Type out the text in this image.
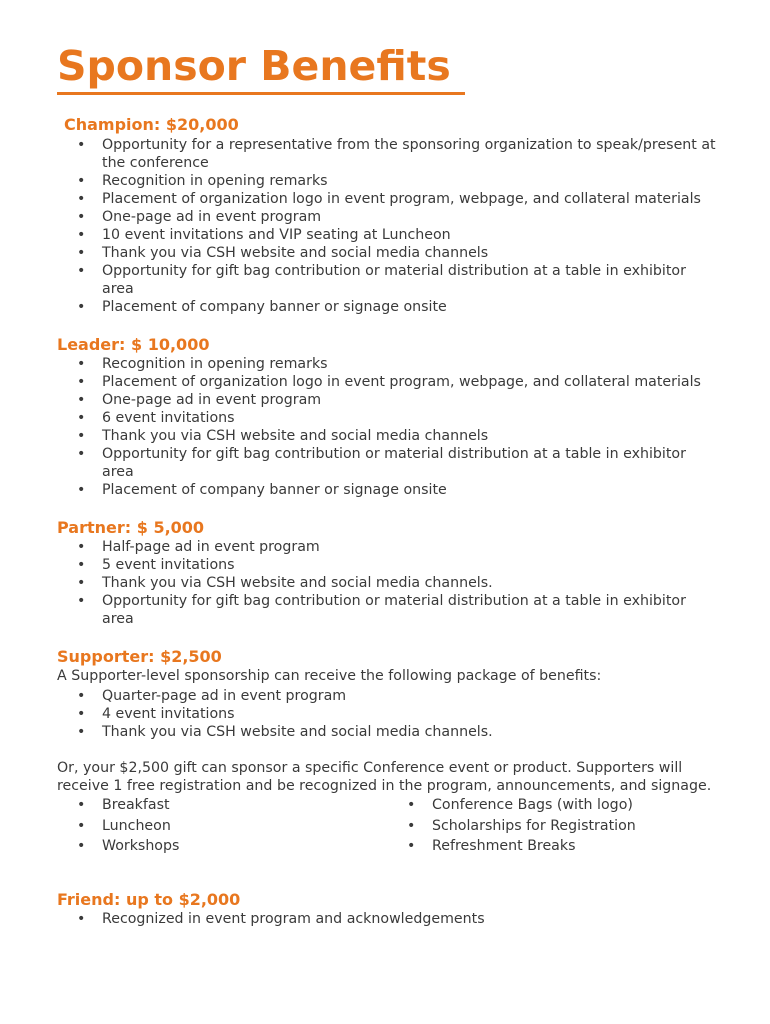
Sponsor Benefits
Champion: $20,000
• Opportunity for a representative from the sponsoring organization to speak/present at the conference
• Recognition in opening remarks
• Placement of organization logo in event program, webpage, and collateral materials
• One-page ad in event program
• 10 event invitations and VIP seating at Luncheon
• Thank you via CSH website and social media channels
• Opportunity for gift bag contribution or material distribution at a table in exhibitor area
• Placement of company banner or signage onsite
Leader: $ 10,000
• Recognition in opening remarks
• Placement of organization logo in event program, webpage, and collateral materials
• One-page ad in event program
• 6 event invitations
• Thank you via CSH website and social media channels
• Opportunity for gift bag contribution or material distribution at a table in exhibitor area
• Placement of company banner or signage onsite
Partner: $ 5,000
• Half-page ad in event program
• 5 event invitations
• Thank you via CSH website and social media channels.
• Opportunity for gift bag contribution or material distribution at a table in exhibitor area
Supporter: $2,500

A Supporter-level sponsorship can receive the following package of benefits:

• Quarter-page ad in event program
• 4 event invitations
• Thank you via CSH website and social media channels.

Or, your $2,500 gift can sponsor a specific Conference event or product. Supporters will receive 1 free registration and be recognized in the program, announcements, and signage.

• Breakfast
• Luncheon
• Workshops
• Conference Bags (with logo)
• Scholarships for Registration
• Refreshment Breaks
Friend: up to $2,000
• Recognized in event program and acknowledgements
